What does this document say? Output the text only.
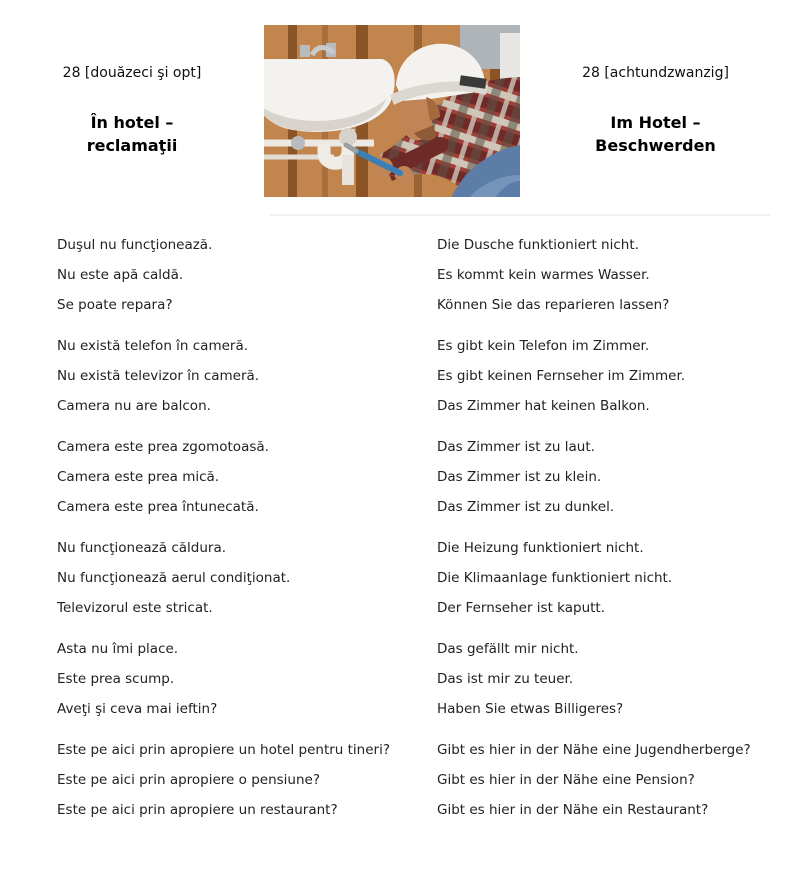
28 [douăzeci şi opt]
În hotel –
reclamaţii
28 [achtundzwanzig]
Im Hotel –
Beschwerden
Duşul nu funcţionează.	Die Dusche funktioniert nicht.
Nu este apă caldă.	Es kommt kein warmes Wasser.
Se poate repara?	Können Sie das reparieren lassen?
Nu există telefon în cameră.	Es gibt kein Telefon im Zimmer.
Nu există televizor în cameră.	Es gibt keinen Fernseher im Zimmer.
Camera nu are balcon.	Das Zimmer hat keinen Balkon.
Camera este prea zgomotoasă.	Das Zimmer ist zu laut.
Camera este prea mică.	Das Zimmer ist zu klein.
Camera este prea întunecată.	Das Zimmer ist zu dunkel.
Nu funcţionează căldura.	Die Heizung funktioniert nicht.
Nu funcţionează aerul condiţionat.	Die Klimaanlage funktioniert nicht.
Televizorul este stricat.	Der Fernseher ist kaputt.
Asta nu îmi place.	Das gefällt mir nicht.
Este prea scump.	Das ist mir zu teuer.
Aveţi şi ceva mai ieftin?	Haben Sie etwas Billigeres?
Este pe aici prin apropiere un hotel pentru tineri?	Gibt es hier in der Nähe eine Jugendherberge?
Este pe aici prin apropiere o pensiune?	Gibt es hier in der Nähe eine Pension?
Este pe aici prin apropiere un restaurant?	Gibt es hier in der Nähe ein Restaurant?
